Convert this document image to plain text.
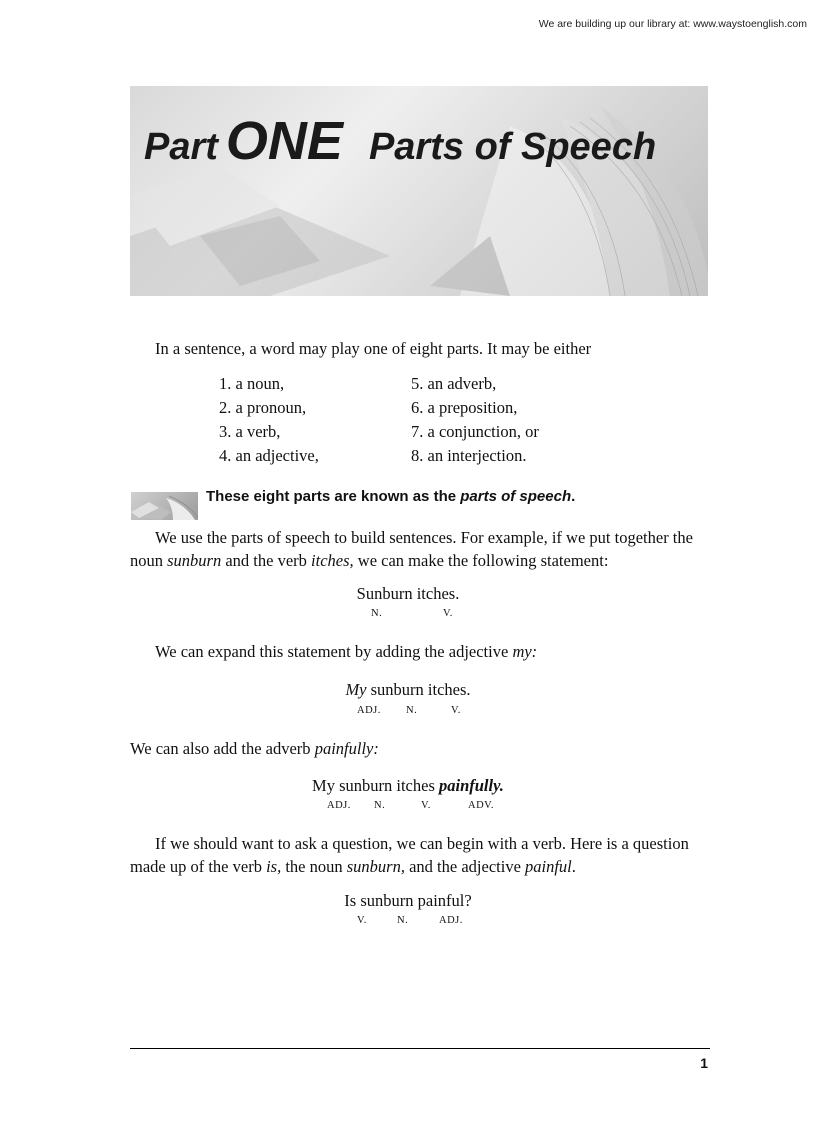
We are building up our library at: www.waystoenglish.com
Part ONE Parts of Speech

In a sentence, a word may play one of eight parts. It may be either

1. a noun,
2. a pronoun,
3. a verb,
4. an adjective,
5. an adverb,
6. a preposition,
7. a conjunction, or
8. an interjection.
These eight parts are known as the parts of speech.

We use the parts of speech to build sentences. For example, if we put together the noun sunburn and the verb itches, we can make the following statement:

Sunburn itches.
N.	V.

We can expand this statement by adding the adjective my:

My sunburn itches.
ADJ. N.	V.

We can also add the adverb painfully:

My sunburn itches painfully.
ADJ. N.	V.	ADV.

If we should want to ask a question, we can begin with a verb. Here is a question made up of the verb is, the noun sunburn, and the adjective painful.

Is sunburn painful?
V.	N.	ADJ.
1
